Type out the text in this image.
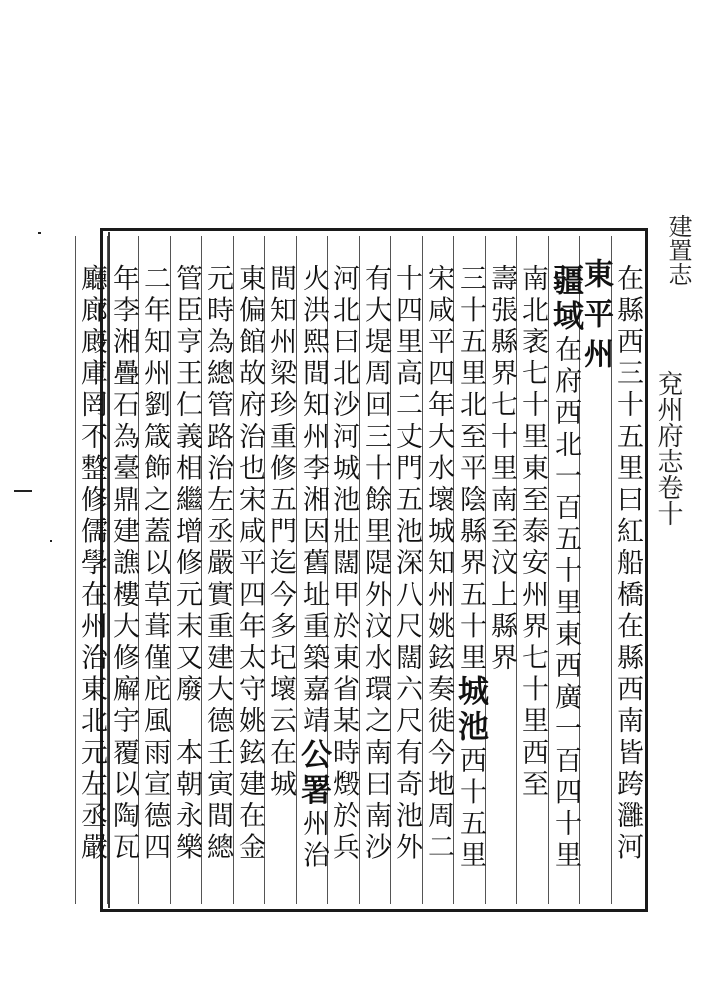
建置志
兗州府志卷十
在縣西三十五里曰紅船橋在縣西南皆跨灉河
東平州
疆域在府西北一百五十里東西廣一百四十里
南北袤七十里東至泰安州界七十里西至
壽張縣界七十里南至汶上縣界
三十五里北至平陰縣界五十里城池西十五里
宋咸平四年大水壞城知州姚鉉奏徙今地周二
十四里高二丈門五池深八尺闊六尺有奇池外
有大堤周回三十餘里隄外汶水環之南曰南沙
河北曰北沙河城池壯闊甲於東省某時燬於兵
火洪熙間知州李湘因舊址重築嘉靖公署州治
間知州梁珍重修五門迄今多圮壞云在城
東偏館故府治也宋咸平四年太守姚鉉建在金
元時為總管路治左丞嚴實重建大德壬寅間總
管臣亨王仁義相繼增修元末又廢　本朝永樂
二年知州劉箴飾之蓋以草葺僅庇風雨宣德四
年李湘疊石為臺鼎建譙樓大修廨宇覆以陶瓦
廳廊廄庫罔不整修儒學在州治東北元左丞嚴
